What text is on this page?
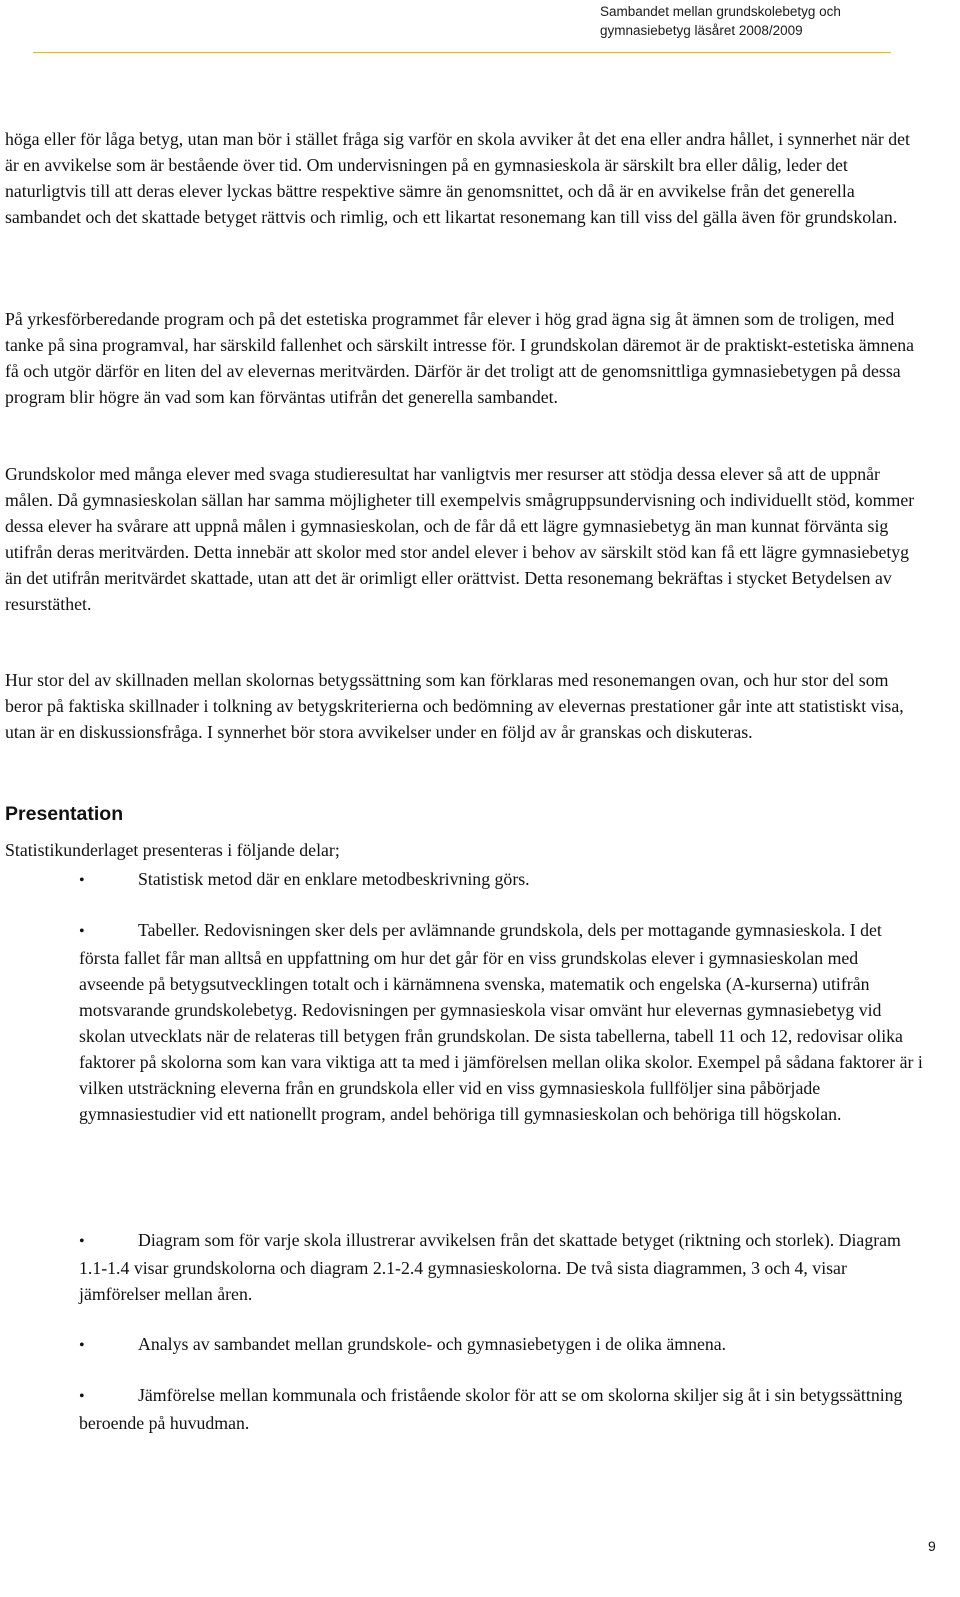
Sambandet mellan grundskolebetyg och
gymnasiebetyg läsåret 2008/2009

höga eller för låga betyg, utan man bör i stället fråga sig varför en skola avviker åt det ena eller andra hållet, i synnerhet när det är en avvikelse som är bestående över tid. Om undervisningen på en gymnasieskola är särskilt bra eller dålig, leder det naturligtvis till att deras elever lyckas bättre respektive sämre än genomsnittet, och då är en avvikelse från det generella sambandet och det skattade betyget rättvis och rimlig, och ett likartat resonemang kan till viss del gälla även för grundskolan.

På yrkesförberedande program och på det estetiska programmet får elever i hög grad ägna sig åt ämnen som de troligen, med tanke på sina programval, har särskild fallenhet och särskilt intresse för. I grundskolan däremot är de praktiskt-estetiska ämnena få och utgör därför en liten del av elevernas meritvärden. Därför är det troligt att de genomsnittliga gymnasiebetygen på dessa program blir högre än vad som kan förväntas utifrån det generella sambandet.

Grundskolor med många elever med svaga studieresultat har vanligtvis mer resurser att stödja dessa elever så att de uppnår målen. Då gymnasieskolan sällan har samma möjligheter till exempelvis smågruppsundervisning och individuellt stöd, kommer dessa elever ha svårare att uppnå målen i gymnasieskolan, och de får då ett lägre gymnasiebetyg än man kunnat förvänta sig utifrån deras meritvärden. Detta innebär att skolor med stor andel elever i behov av särskilt stöd kan få ett lägre gymnasiebetyg än det utifrån meritvärdet skattade, utan att det är orimligt eller orättvist. Detta resonemang bekräftas i stycket Betydelsen av resurstäthet.

Hur stor del av skillnaden mellan skolornas betygssättning som kan förklaras med resonemangen ovan, och hur stor del som beror på faktiska skillnader i tolkning av betygskriterierna och bedömning av elevernas prestationer går inte att statistiskt visa, utan är en diskussionsfråga. I synnerhet bör stora avvikelser under en följd av år granskas och diskuteras.

Presentation

Statistikunderlaget presenteras i följande delar;

•	Statistisk metod där en enklare metodbeskrivning görs.

•	Tabeller. Redovisningen sker dels per avlämnande grundskola, dels per mottagande gymnasieskola. I det första fallet får man alltså en uppfattning om hur det går för en viss grundskolas elever i gymnasieskolan med avseende på betygsutvecklingen totalt och i kärnämnena svenska, matematik och engelska (A-kurserna) utifrån motsvarande grundskolebetyg. Redovisningen per gymnasieskola visar omvänt hur elevernas gymnasiebetyg vid skolan utvecklats när de relateras till betygen från grundskolan. De sista tabellerna, tabell 11 och 12, redovisar olika faktorer på skolorna som kan vara viktiga att ta med i jämförelsen mellan olika skolor. Exempel på sådana faktorer är i vilken utsträckning eleverna från en grundskola eller vid en viss gymnasieskola fullföljer sina påbörjade gymnasiestudier vid ett nationellt program, andel behöriga till gymnasieskolan och behöriga till högskolan.

•	Diagram som för varje skola illustrerar avvikelsen från det skattade betyget (riktning och storlek). Diagram 1.1-1.4 visar grundskolorna och diagram 2.1-2.4 gymnasieskolorna. De två sista diagrammen, 3 och 4, visar jämförelser mellan åren.

•	Analys av sambandet mellan grundskole- och gymnasiebetygen i de olika ämnena.

•	Jämförelse mellan kommunala och fristående skolor för att se om skolorna skiljer sig åt i sin betygssättning beroende på huvudman.

9
